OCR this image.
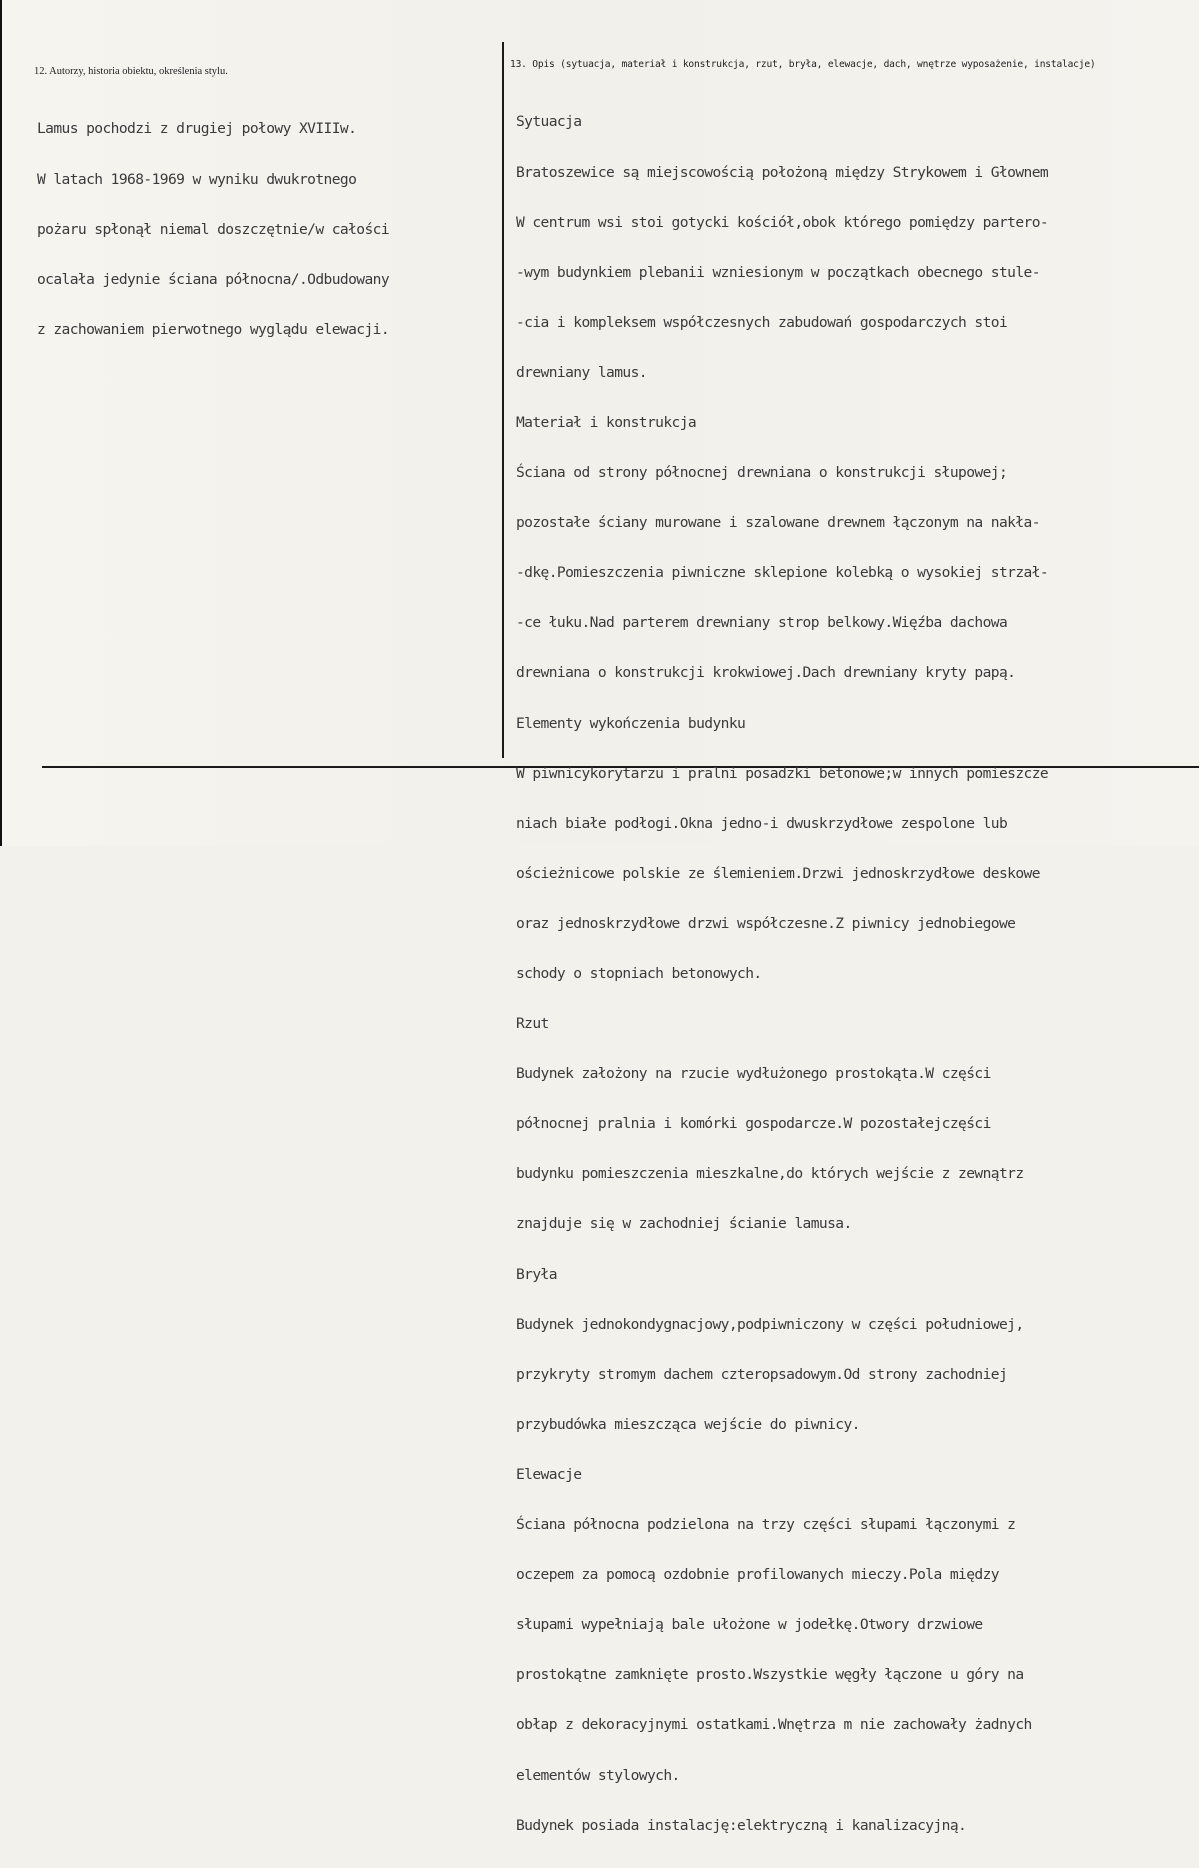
12. Autorzy, historia obiektu, określenia stylu.
13. Opis (sytuacja, materiał i konstrukcja, rzut, bryła, elewacje, dach, wnętrze wyposażenie, instalacje)

Lamus pochodzi z drugiej połowy XVIIIw.

W latach 1968-1969 w wyniku dwukrotnego

pożaru spłonął niemal doszczętnie/w całości

ocalała jedynie ściana północna/.Odbudowany

z zachowaniem pierwotnego wyglądu elewacji.

Sytuacja

Bratoszewice są miejscowością położoną między Strykowem i Głownem

W centrum wsi stoi gotycki kościół,obok którego pomiędzy partero-

-wym budynkiem plebanii wzniesionym w początkach obecnego stule-

-cia i kompleksem współczesnych zabudowań gospodarczych stoi

drewniany lamus.

Materiał i konstrukcja

Ściana od strony północnej drewniana o konstrukcji słupowej;

pozostałe ściany murowane i szalowane drewnem łączonym na nakła-

-dkę.Pomieszczenia piwniczne sklepione kolebką o wysokiej strzał-

-ce łuku.Nad parterem drewniany strop belkowy.Więźba dachowa

drewniana o konstrukcji krokwiowej.Dach drewniany kryty papą.

Elementy wykończenia budynku

W piwnicykorytarzu i pralni posadzki betonowe;w innych pomieszcze

niach białe podłogi.Okna jedno-i dwuskrzydłowe zespolone lub

ościeżnicowe polskie ze ślemieniem.Drzwi jednoskrzydłowe deskowe

oraz jednoskrzydłowe drzwi współczesne.Z piwnicy jednobiegowe

schody o stopniach betonowych.

Rzut

Budynek założony na rzucie wydłużonego prostokąta.W części

północnej pralnia i komórki gospodarcze.W pozostałejczęści

budynku pomieszczenia mieszkalne,do których wejście z zewnątrz

znajduje się w zachodniej ścianie lamusa.

Bryła

Budynek jednokondygnacjowy,podpiwniczony w części południowej,

przykryty stromym dachem czteropsadowym.Od strony zachodniej

przybudówka mieszcząca wejście do piwnicy.

Elewacje

Ściana północna podzielona na trzy części słupami łączonymi z

oczepem za pomocą ozdobnie profilowanych mieczy.Pola między

słupami wypełniają bale ułożone w jodełkę.Otwory drzwiowe

prostokątne zamknięte prosto.Wszystkie węgły łączone u góry na

obłap z dekoracyjnymi ostatkami.Wnętrza m nie zachowały żadnych

elementów stylowych.

Budynek posiada instalację:elektryczną i kanalizacyjną.
